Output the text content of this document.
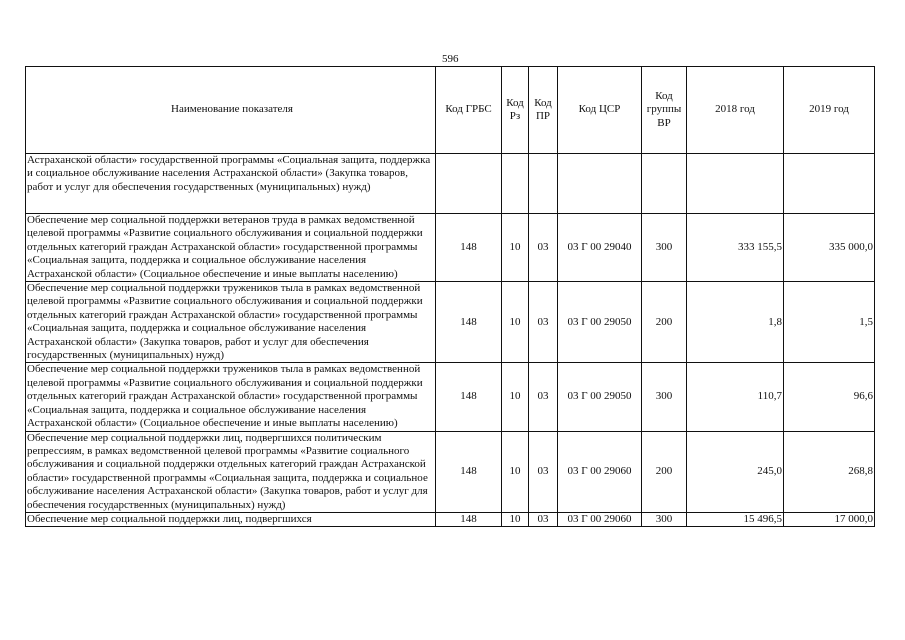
596
Наименование показателя	Код ГРБС	Код Рз	Код ПР	Код ЦСР	Код группы ВР	2018 год	2019 год
Астраханской области» государственной программы «Социальная защита, поддержка и социальное обслуживание населения Астраханской области» (Закупка товаров, работ и услуг для обеспечения государственных (муниципальных) нужд)							
Обеспечение мер социальной поддержки ветеранов труда в рамках ведомственной целевой программы «Развитие социального обслуживания и социальной поддержки отдельных категорий граждан Астраханской области» государственной программы «Социальная защита, поддержка и социальное обслуживание населения Астраханской области» (Социальное обеспечение и иные выплаты населению)	148	10	03	03 Г 00 29040	300	333 155,5	335 000,0
Обеспечение мер социальной поддержки тружеников тыла в рамках ведомственной целевой программы «Развитие социального обслуживания и социальной поддержки отдельных категорий граждан Астраханской области» государственной программы «Социальная защита, поддержка и социальное обслуживание населения Астраханской области» (Закупка товаров, работ и услуг для обеспечения государственных (муниципальных) нужд)	148	10	03	03 Г 00 29050	200	1,8	1,5
Обеспечение мер социальной поддержки тружеников тыла в рамках ведомственной целевой программы «Развитие социального обслуживания и социальной поддержки отдельных категорий граждан Астраханской области» государственной программы «Социальная защита, поддержка и социальное обслуживание населения Астраханской области» (Социальное обеспечение и иные выплаты населению)	148	10	03	03 Г 00 29050	300	110,7	96,6
Обеспечение мер социальной поддержки лиц, подвергшихся политическим репрессиям, в рамках ведомственной целевой программы «Развитие социального обслуживания и социальной поддержки отдельных категорий граждан Астраханской области» государственной программы «Социальная защита, поддержка и социальное обслуживание населения Астраханской области» (Закупка товаров, работ и услуг для обеспечения государственных (муниципальных) нужд)	148	10	03	03 Г 00 29060	200	245,0	268,8
Обеспечение мер социальной поддержки лиц, подвергшихся	148	10	03	03 Г 00 29060	300	15 496,5	17 000,0
